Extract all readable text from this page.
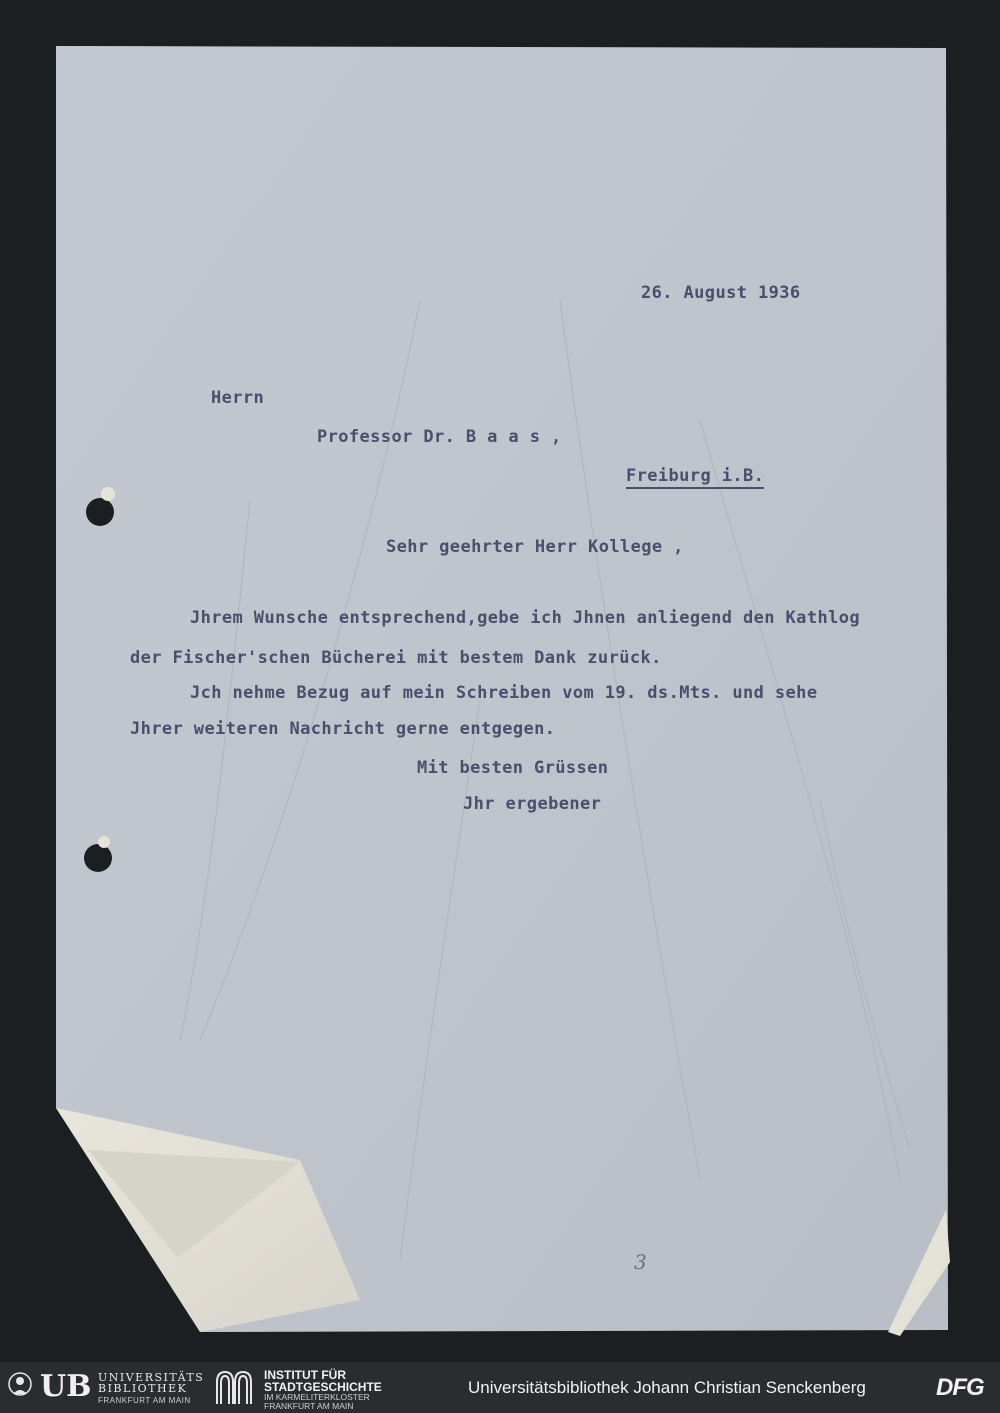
26. August 1936
Herrn
Professor Dr. B a a s ,
Freiburg i.B.
Sehr geehrter Herr Kollege ,
Jhrem Wunsche entsprechend,gebe ich Jhnen anliegend den Kathlog
der Fischer'schen Bücherei mit bestem Dank zurück.
Jch nehme Bezug auf mein Schreiben vom 19. ds.Mts. und sehe
Jhrer weiteren Nachricht gerne entgegen.
Mit besten Grüssen
Jhr ergebener
3
UB UNIVERSITÄTS
BIBLIOTHEK
FRANKFURT AM MAIN
INSTITUT FÜR
STADTGESCHICHTE
IM KARMELITERKLOSTER
FRANKFURT AM MAIN
Universitätsbibliothek Johann Christian Senckenberg	DFG
